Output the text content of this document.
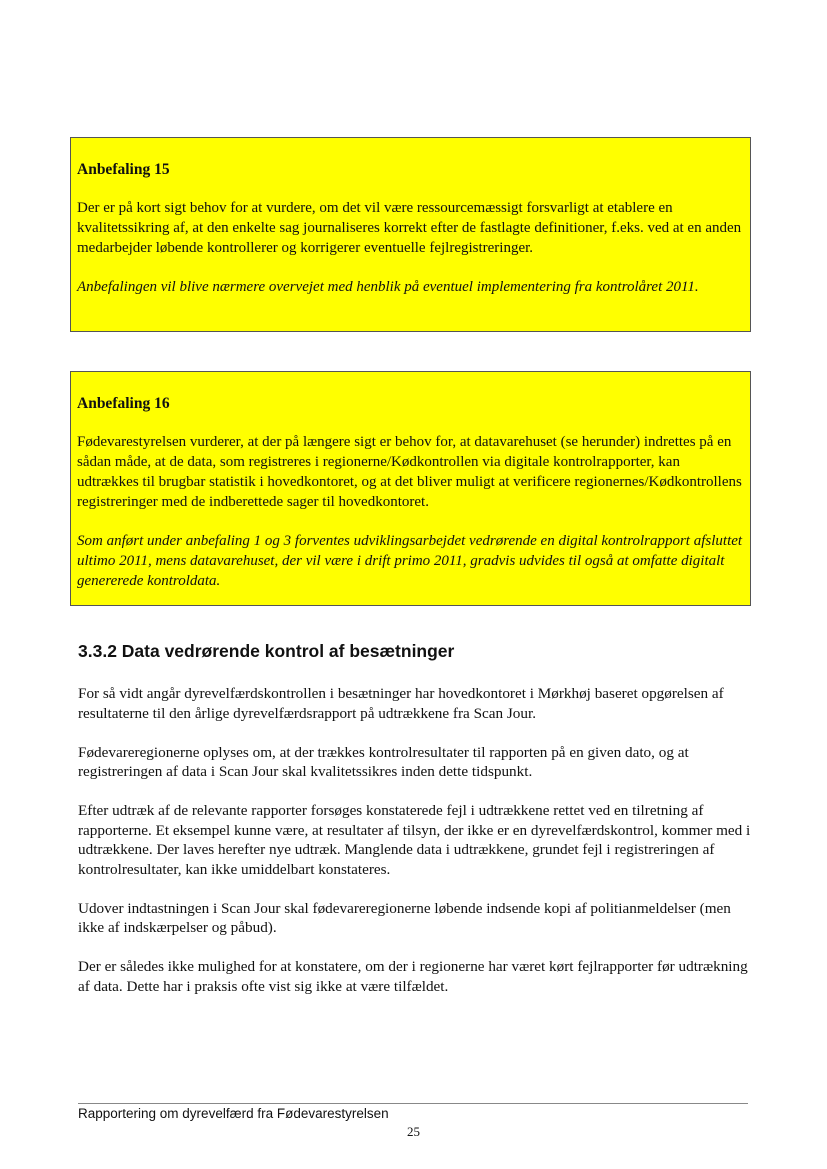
Anbefaling 15

Der er på kort sigt behov for at vurdere, om det vil være ressourcemæssigt forsvarligt at etablere en kvalitetssikring af, at den enkelte sag journaliseres korrekt efter de fastlagte definitioner, f.eks. ved at en anden medarbejder løbende kontrollerer og korrigerer eventuelle fejlregistreringer.

Anbefalingen vil blive nærmere overvejet med henblik på eventuel implementering fra kontrolåret 2011.

Anbefaling 16

Fødevarestyrelsen vurderer, at der på længere sigt er behov for, at datavarehuset (se herunder) indrettes på en sådan måde, at de data, som registreres i regionerne/Kødkontrollen via digitale kontrolrapporter, kan udtrækkes til brugbar statistik i hovedkontoret, og at det bliver muligt at verificere regionernes/Kødkontrollens registreringer med de indberettede sager til hovedkontoret.

Som anført under anbefaling 1 og 3 forventes udviklingsarbejdet vedrørende en digital kontrolrapport afsluttet ultimo 2011, mens datavarehuset, der vil være i drift primo 2011, gradvis udvides til også at omfatte digitalt genererede kontroldata.

3.3.2 Data vedrørende kontrol af besætninger

For så vidt angår dyrevelfærdskontrollen i besætninger har hovedkontoret i Mørkhøj baseret opgørelsen af resultaterne til den årlige dyrevelfærdsrapport på udtrækkene fra Scan Jour.

Fødevareregionerne oplyses om, at der trækkes kontrolresultater til rapporten på en given dato, og at registreringen af data i Scan Jour skal kvalitetssikres inden dette tidspunkt.

Efter udtræk af de relevante rapporter forsøges konstaterede fejl i udtrækkene rettet ved en tilretning af rapporterne. Et eksempel kunne være, at resultater af tilsyn, der ikke er en dyrevelfærdskontrol, kommer med i udtrækkene. Der laves herefter nye udtræk. Manglende data i udtrækkene, grundet fejl i registreringen af kontrolresultater, kan ikke umiddelbart konstateres.

Udover indtastningen i Scan Jour skal fødevareregionerne løbende indsende kopi af politianmeldelser (men ikke af indskærpelser og påbud).

Der er således ikke mulighed for at konstatere, om der i regionerne har været kørt fejlrapporter før udtrækning af data. Dette har i praksis ofte vist sig ikke at være tilfældet.

Rapportering om dyrevelfærd fra Fødevarestyrelsen
25
